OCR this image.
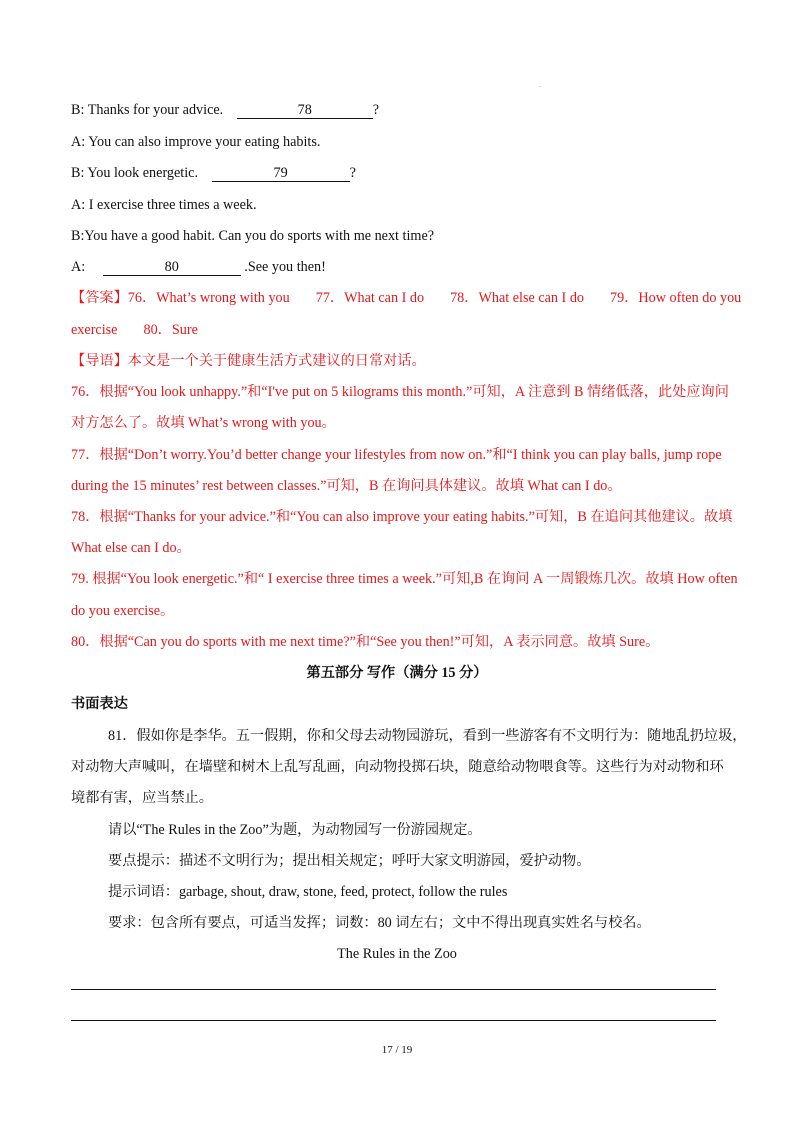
.
B: Thanks for your advice.	78	?
A: You can also improve your eating habits.
B: You look energetic.	79	?
A: I exercise three times a week.
B:You have a good habit. Can you do sports with me next time?
A:	80	.See you then!
【答案】76．What’s wrong with you 77．What can I do 78．What else can I do 79．How often do you
exercise 80．Sure
【导语】本文是一个关于健康生活方式建议的日常对话。
76．根据“You look unhappy.”和“I've put on 5 kilograms this month.”可知，A 注意到 B 情绪低落，此处应询问
对方怎么了。故填 What’s wrong with you。
77．根据“Don’t worry.You’d better change your lifestyles from now on.”和“I think you can play balls, jump rope
during the 15 minutes’ rest between classes.”可知，B 在询问具体建议。故填 What can I do。
78．根据“Thanks for your advice.”和“You can also improve your eating habits.”可知，B 在追问其他建议。故填
What else can I do。
79. 根据“You look energetic.”和“ I exercise three times a week.”可知,B 在询问 A 一周锻炼几次。故填 How often
do you exercise。
80．根据“Can you do sports with me next time?”和“See you then!”可知，A 表示同意。故填 Sure。
第五部分 写作（满分 15 分）
书面表达
81．假如你是李华。五一假期，你和父母去动物园游玩，看到一些游客有不文明行为：随地乱扔垃圾，
对动物大声喊叫，在墙壁和树木上乱写乱画，向动物投掷石块，随意给动物喂食等。这些行为对动物和环
境都有害，应当禁止。
请以“The Rules in the Zoo”为题，为动物园写一份游园规定。
要点提示：描述不文明行为；提出相关规定；呼吁大家文明游园，爱护动物。
提示词语：garbage, shout, draw, stone, feed, protect, follow the rules
要求：包含所有要点，可适当发挥；词数：80 词左右；文中不得出现真实姓名与校名。
The Rules in the Zoo
17 / 19
